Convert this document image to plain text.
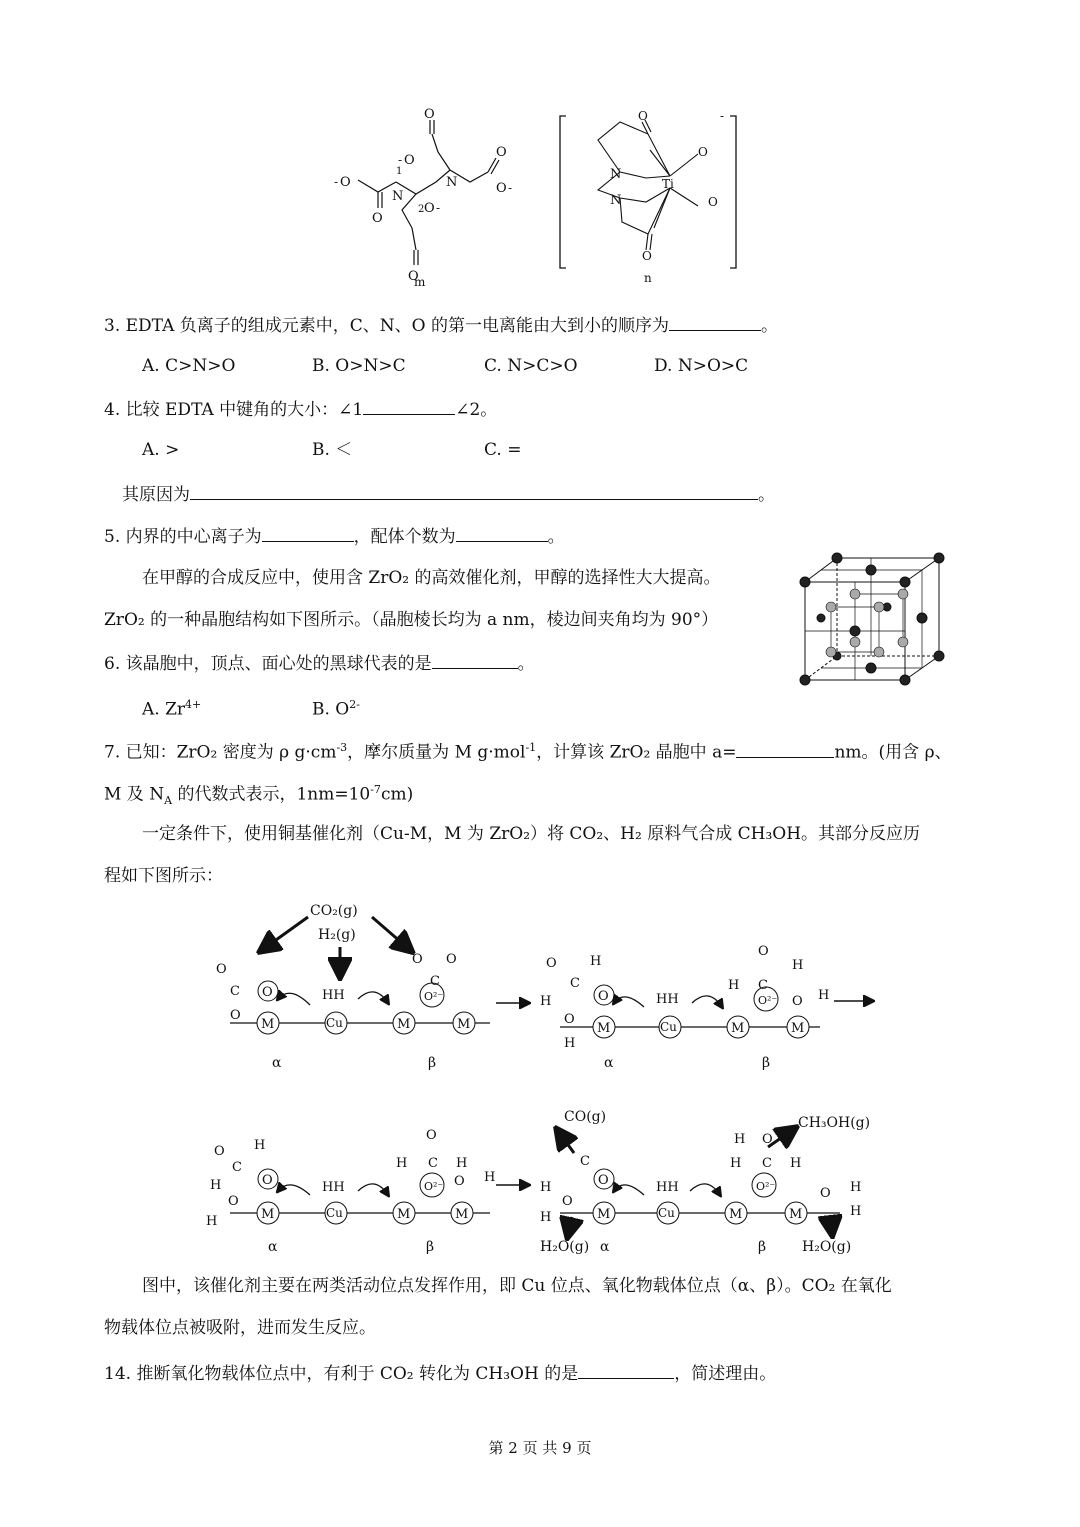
- O
N
1
2
N
O
O
O
-	O
O -
O -
O
m
-
N
N
Ti
O
O
O
O
n
3. EDTA 负离子的组成元素中，C、N、O 的第一电离能由大到小的顺序为	。
A. C>N>O	B. O>N>C	C. N>C>O	D. N>O>C
4. 比较 EDTA 中键角的大小：∠1	∠2。
A. >	B. ＜	C. =
其原因为	。
5. 内界的中心离子为	，配体个数为	。
在甲醇的合成反应中，使用含 ZrO₂ 的高效催化剂，甲醇的选择性大大提高。
ZrO₂ 的一种晶胞结构如下图所示。（晶胞棱长均为 a nm，棱边间夹角均为 90°）
6. 该晶胞中，顶点、面心处的黑球代表的是	。
A. $Zr^{4+}$	B. $O^{2-}$
7. 已知：ZrO₂ 密度为 ρ $g\cdot cm^{-3}$，摩尔质量为 M g·mol$^{-1}$，计算该 ZrO₂ 晶胞中 a=	nm。(用含 ρ、
M 及 $N_A$ 的代数式表示，$1nm=10^{-7}cm$)
一定条件下，使用铜基催化剂（Cu-M，M 为 ZrO₂）将 CO₂、H₂ 原料气合成 CH₃OH。其部分反应历
程如下图所示：
CO₂(g)
H₂(g)
M	Cu	M	M
O	O²⁻
O
C
O
HH
O O
C
α	β
M	Cu	M	M
O	O²⁻
O	H
C
H
O
H
HH
O
H C
H
O H
α	β
M	Cu	M	M
O	O²⁻
O H
C
H
O
H
HH
O
H C H
O H
α	β
CO(g)	CH₃OH(g)
M	Cu	M	M
O	O²⁻
C
H
O
H
H₂O(g)
HH
H O
H C H
O H
H
H₂O(g)
α	β
图中，该催化剂主要在两类活动位点发挥作用，即 Cu 位点、氧化物载体位点（α、β）。CO₂ 在氧化
物载体位点被吸附，进而发生反应。
14. 推断氧化物载体位点中，有利于 CO₂ 转化为 CH₃OH 的是	，简述理由。
第 2 页 共 9 页
